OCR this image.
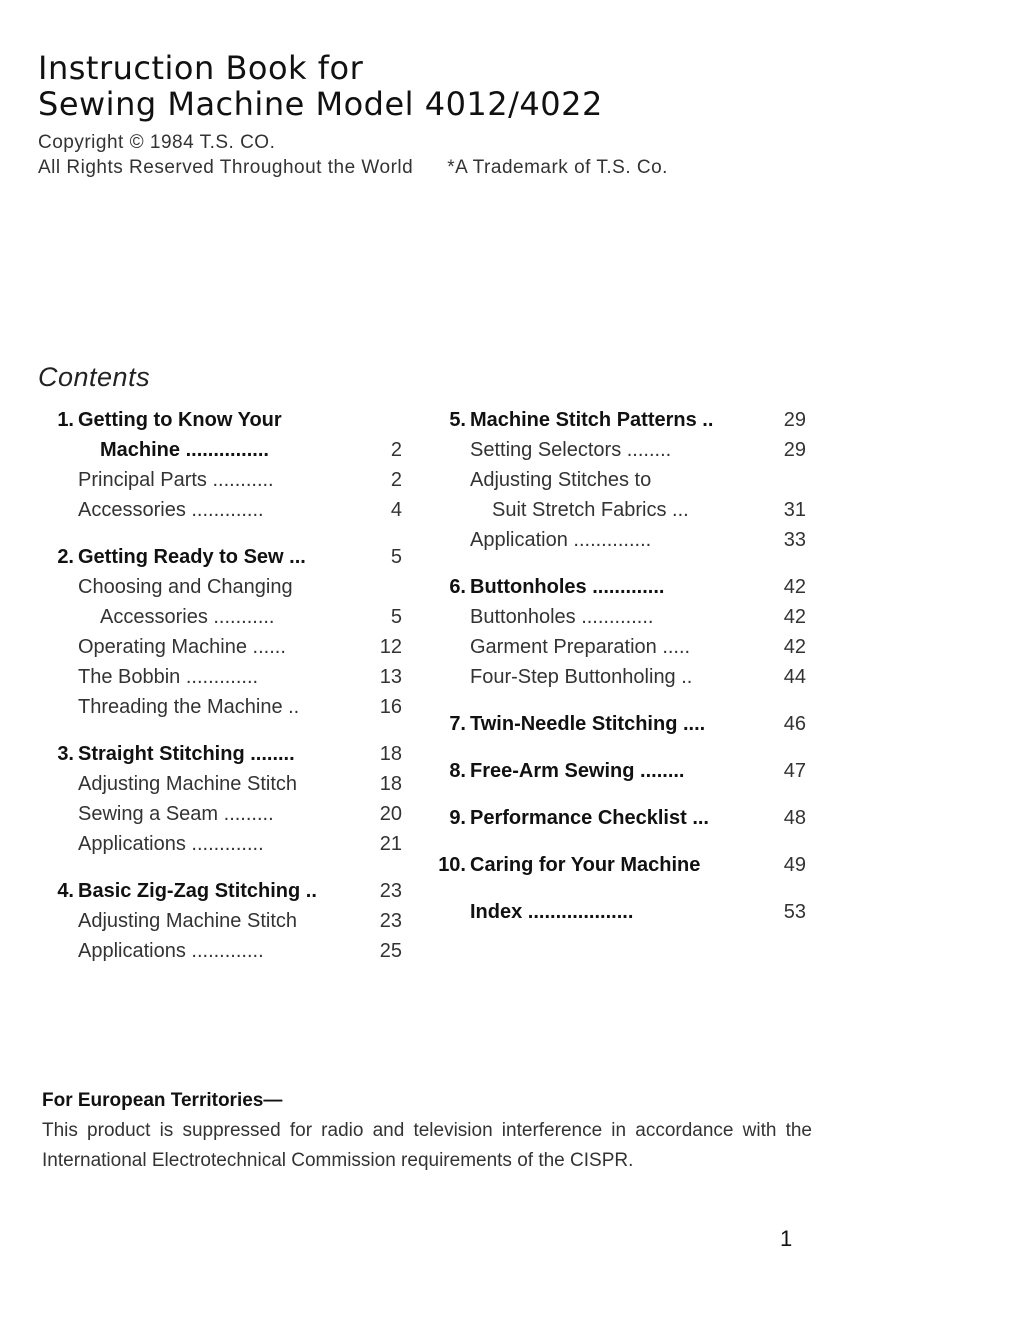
Instruction Book for
Sewing Machine Model 4012/4022
Copyright © 1984 T.S. CO.
All Rights Reserved Throughout the World *A Trademark of T.S. Co.
Contents
1. Getting to Know Your
Machine ...............	2
Principal Parts ...........	2
Accessories .............	4
2. Getting Ready to Sew ...	5
Choosing and Changing
Accessories ...........	5
Operating Machine ......	12
The Bobbin .............	13
Threading the Machine ..	16
3. Straight Stitching ........	18
Adjusting Machine Stitch	18
Sewing a Seam .........	20
Applications .............	21
4. Basic Zig-Zag Stitching ..	23
Adjusting Machine Stitch	23
Applications .............	25
5. Machine Stitch Patterns ..	29
Setting Selectors ........	29
Adjusting Stitches to
Suit Stretch Fabrics ...	31
Application ..............	33
6. Buttonholes .............	42
Buttonholes .............	42
Garment Preparation .....	42
Four-Step Buttonholing ..	44
7. Twin-Needle Stitching ....	46
8. Free-Arm Sewing ........	47
9. Performance Checklist ...	48
10. Caring for Your Machine	49
Index ...................	53
For European Territories—
This product is suppressed for radio and television interference in accordance with the International Electrotechnical Commission requirements of the CISPR.
1
